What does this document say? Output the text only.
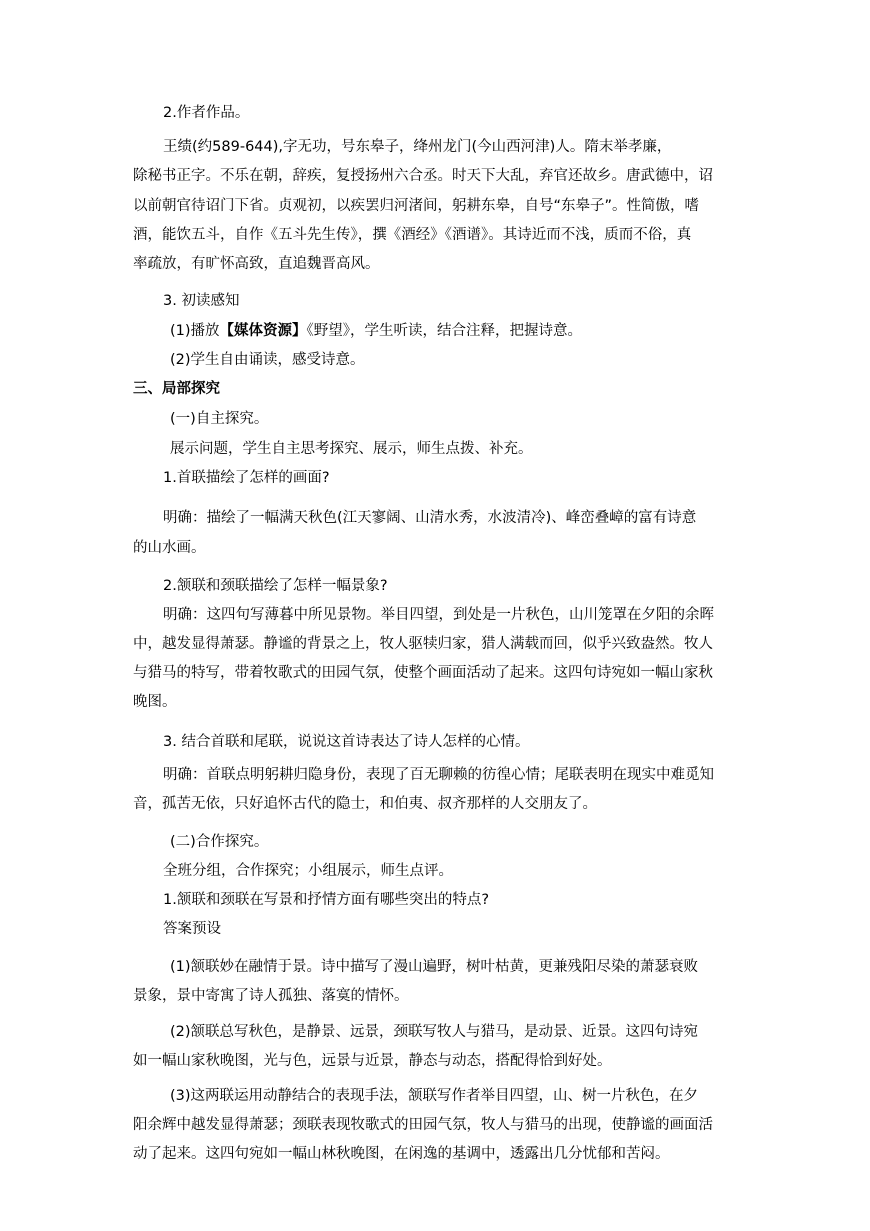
2.作者作品。
王绩(约589-644),字无功，号东皋子，绛州龙门(今山西河津)人。隋末举孝廉，
除秘书正字。不乐在朝，辞疾，复授扬州六合丞。时天下大乱，弃官还故乡。唐武德中，诏
以前朝官待诏门下省。贞观初，以疾罢归河渚间，躬耕东皋，自号“东皋子”。性简傲，嗜
酒，能饮五斗，自作《五斗先生传》，撰《酒经》《酒谱》。其诗近而不浅，质而不俗，真
率疏放，有旷怀高致，直追魏晋高风。
3. 初读感知
(1)播放【媒体资源】《野望》，学生听读，结合注释，把握诗意。
(2)学生自由诵读，感受诗意。
三、局部探究
(一)自主探究。
展示问题，学生自主思考探究、展示，师生点拨、补充。
1.首联描绘了怎样的画面?
明确：描绘了一幅满天秋色(江天寥阔、山清水秀，水波清冷)、峰峦叠嶂的富有诗意
的山水画。
2.颔联和颈联描绘了怎样一幅景象?
明确：这四句写薄暮中所见景物。举目四望，到处是一片秋色，山川笼罩在夕阳的余晖
中，越发显得萧瑟。静谧的背景之上，牧人驱犊归家，猎人满载而回，似乎兴致盎然。牧人
与猎马的特写，带着牧歌式的田园气氛，使整个画面活动了起来。这四句诗宛如一幅山家秋
晚图。
3. 结合首联和尾联，说说这首诗表达了诗人怎样的心情。
明确：首联点明躬耕归隐身份，表现了百无聊赖的彷徨心情；尾联表明在现实中难觅知
音，孤苦无依，只好追怀古代的隐士，和伯夷、叔齐那样的人交朋友了。
(二)合作探究。
全班分组，合作探究；小组展示，师生点评。
1.颔联和颈联在写景和抒情方面有哪些突出的特点?
答案预设
(1)颔联妙在融情于景。诗中描写了漫山遍野，树叶枯黄，更兼残阳尽染的萧瑟衰败
景象，景中寄寓了诗人孤独、落寞的情怀。
(2)颔联总写秋色，是静景、远景，颈联写牧人与猎马，是动景、近景。这四句诗宛
如一幅山家秋晚图，光与色，远景与近景，静态与动态，搭配得恰到好处。
(3)这两联运用动静结合的表现手法，颔联写作者举目四望，山、树一片秋色，在夕
阳余辉中越发显得萧瑟；颈联表现牧歌式的田园气氛，牧人与猎马的出现，使静谧的画面活
动了起来。这四句宛如一幅山林秋晚图，在闲逸的基调中，透露出几分忧郁和苦闷。
